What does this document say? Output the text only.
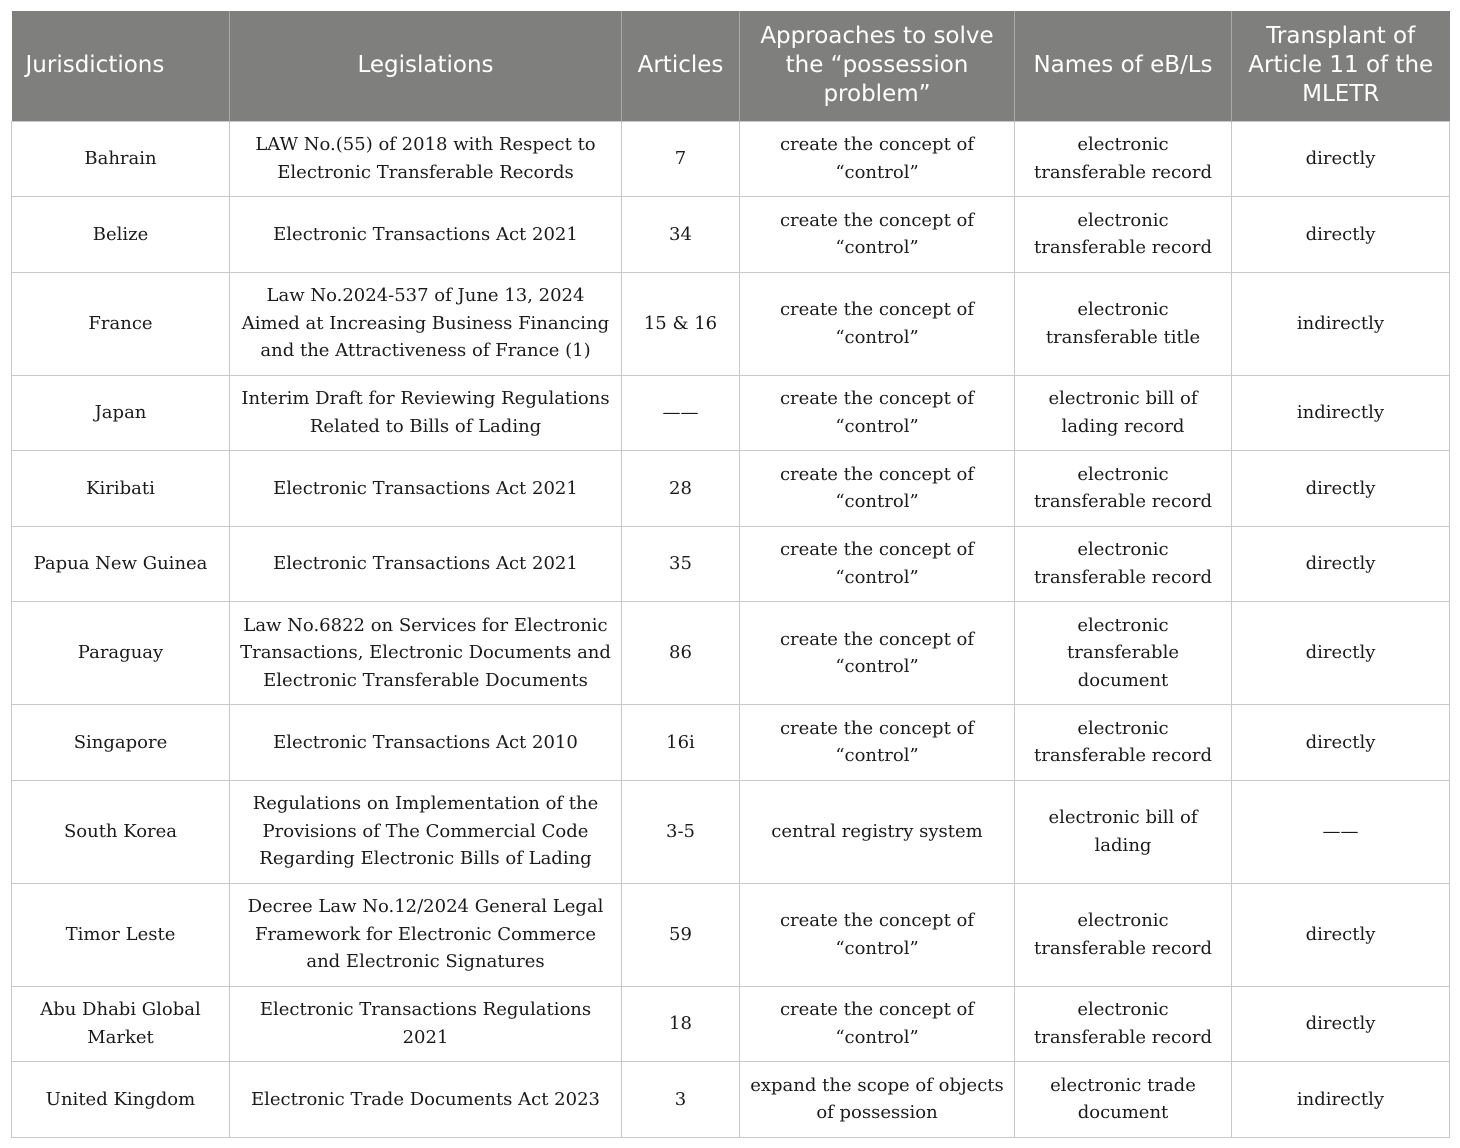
Jurisdictions	Legislations	Articles	Approaches to solve the “possession problem”	Names of eB/Ls	Transplant of Article 11 of the MLETR
Bahrain	LAW No.(55) of 2018 with Respect to Electronic Transferable Records	7	create the concept of “control”	electronic transferable record	directly
Belize	Electronic Transactions Act 2021	34	create the concept of “control”	electronic transferable record	directly
France	Law No.2024-537 of June 13, 2024 Aimed at Increasing Business Financing and the Attractiveness of France (1)	15 & 16	create the concept of “control”	electronic transferable title	indirectly
Japan	Interim Draft for Reviewing Regulations Related to Bills of Lading	——	create the concept of “control”	electronic bill of lading record	indirectly
Kiribati	Electronic Transactions Act 2021	28	create the concept of “control”	electronic transferable record	directly
Papua New Guinea	Electronic Transactions Act 2021	35	create the concept of “control”	electronic transferable record	directly
Paraguay	Law No.6822 on Services for Electronic Transactions, Electronic Documents and Electronic Transferable Documents	86	create the concept of “control”	electronic transferable document	directly
Singapore	Electronic Transactions Act 2010	16i	create the concept of “control”	electronic transferable record	directly
South Korea	Regulations on Implementation of the Provisions of The Commercial Code Regarding Electronic Bills of Lading	3-5	central registry system	electronic bill of lading	——
Timor Leste	Decree Law No.12/2024 General Legal Framework for Electronic Commerce and Electronic Signatures	59	create the concept of “control”	electronic transferable record	directly
Abu Dhabi Global Market	Electronic Transactions Regulations 2021	18	create the concept of “control”	electronic transferable record	directly
United Kingdom	Electronic Trade Documents Act 2023	3	expand the scope of objects of possession	electronic trade document	indirectly
